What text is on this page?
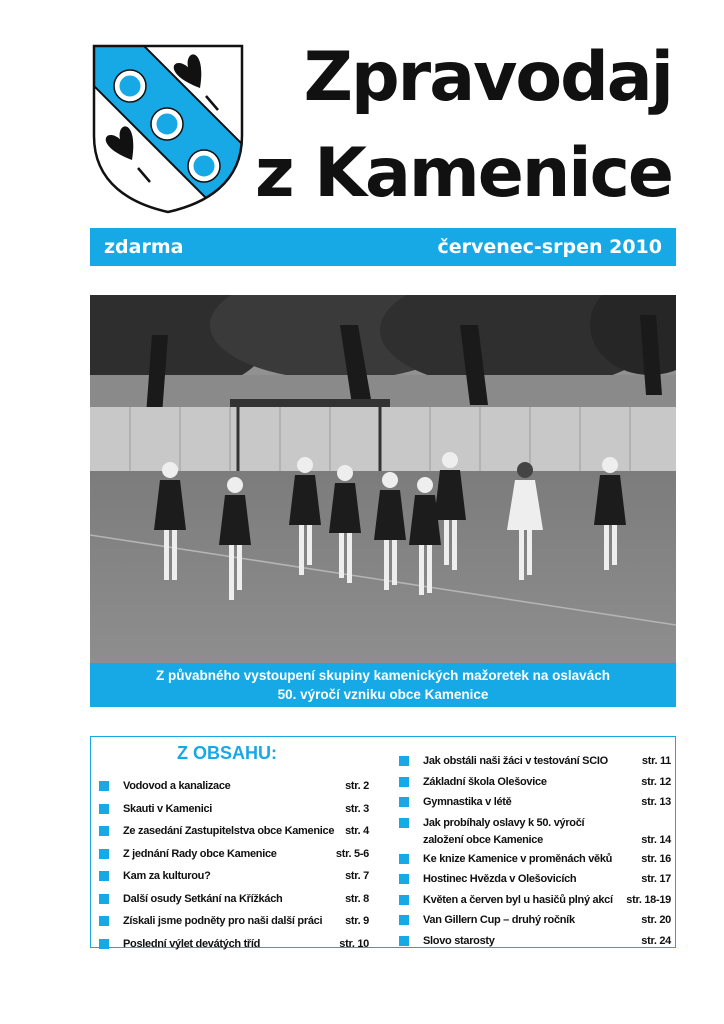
Zpravodaj
z Kamenice
zdarma	červenec-srpen 2010
Z půvabného vystoupení skupiny kamenických mažoretek na oslavách
50. výročí vzniku obce Kamenice
Z OBSAHU:
Vodovod a kanalizace	str. 2
Skauti v Kamenici	str. 3
Ze zasedání Zastupitelstva obce Kamenice str. 4
Z jednání Rady obce Kamenice	str. 5-6
Kam za kulturou?	str. 7
Další osudy Setkání na Křížkách	str. 8
Získali jsme podněty pro naši další práci str. 9
Poslední výlet devátých tříd	str. 10
Jak obstáli naši žáci v testování SCIO	str. 11
Základní škola Olešovice	str. 12
Gymnastika v létě	str. 13
Jak probíhaly oslavy k 50. výročí založení obce Kamenice	str. 14
Ke knize Kamenice v proměnách věků	str. 16
Hostinec Hvězda v Olešovicích	str. 17
Květen a červen byl u hasičů plný akcí str. 18-19
Van Gillern Cup – druhý ročník	str. 20
Slovo starosty	str. 24
